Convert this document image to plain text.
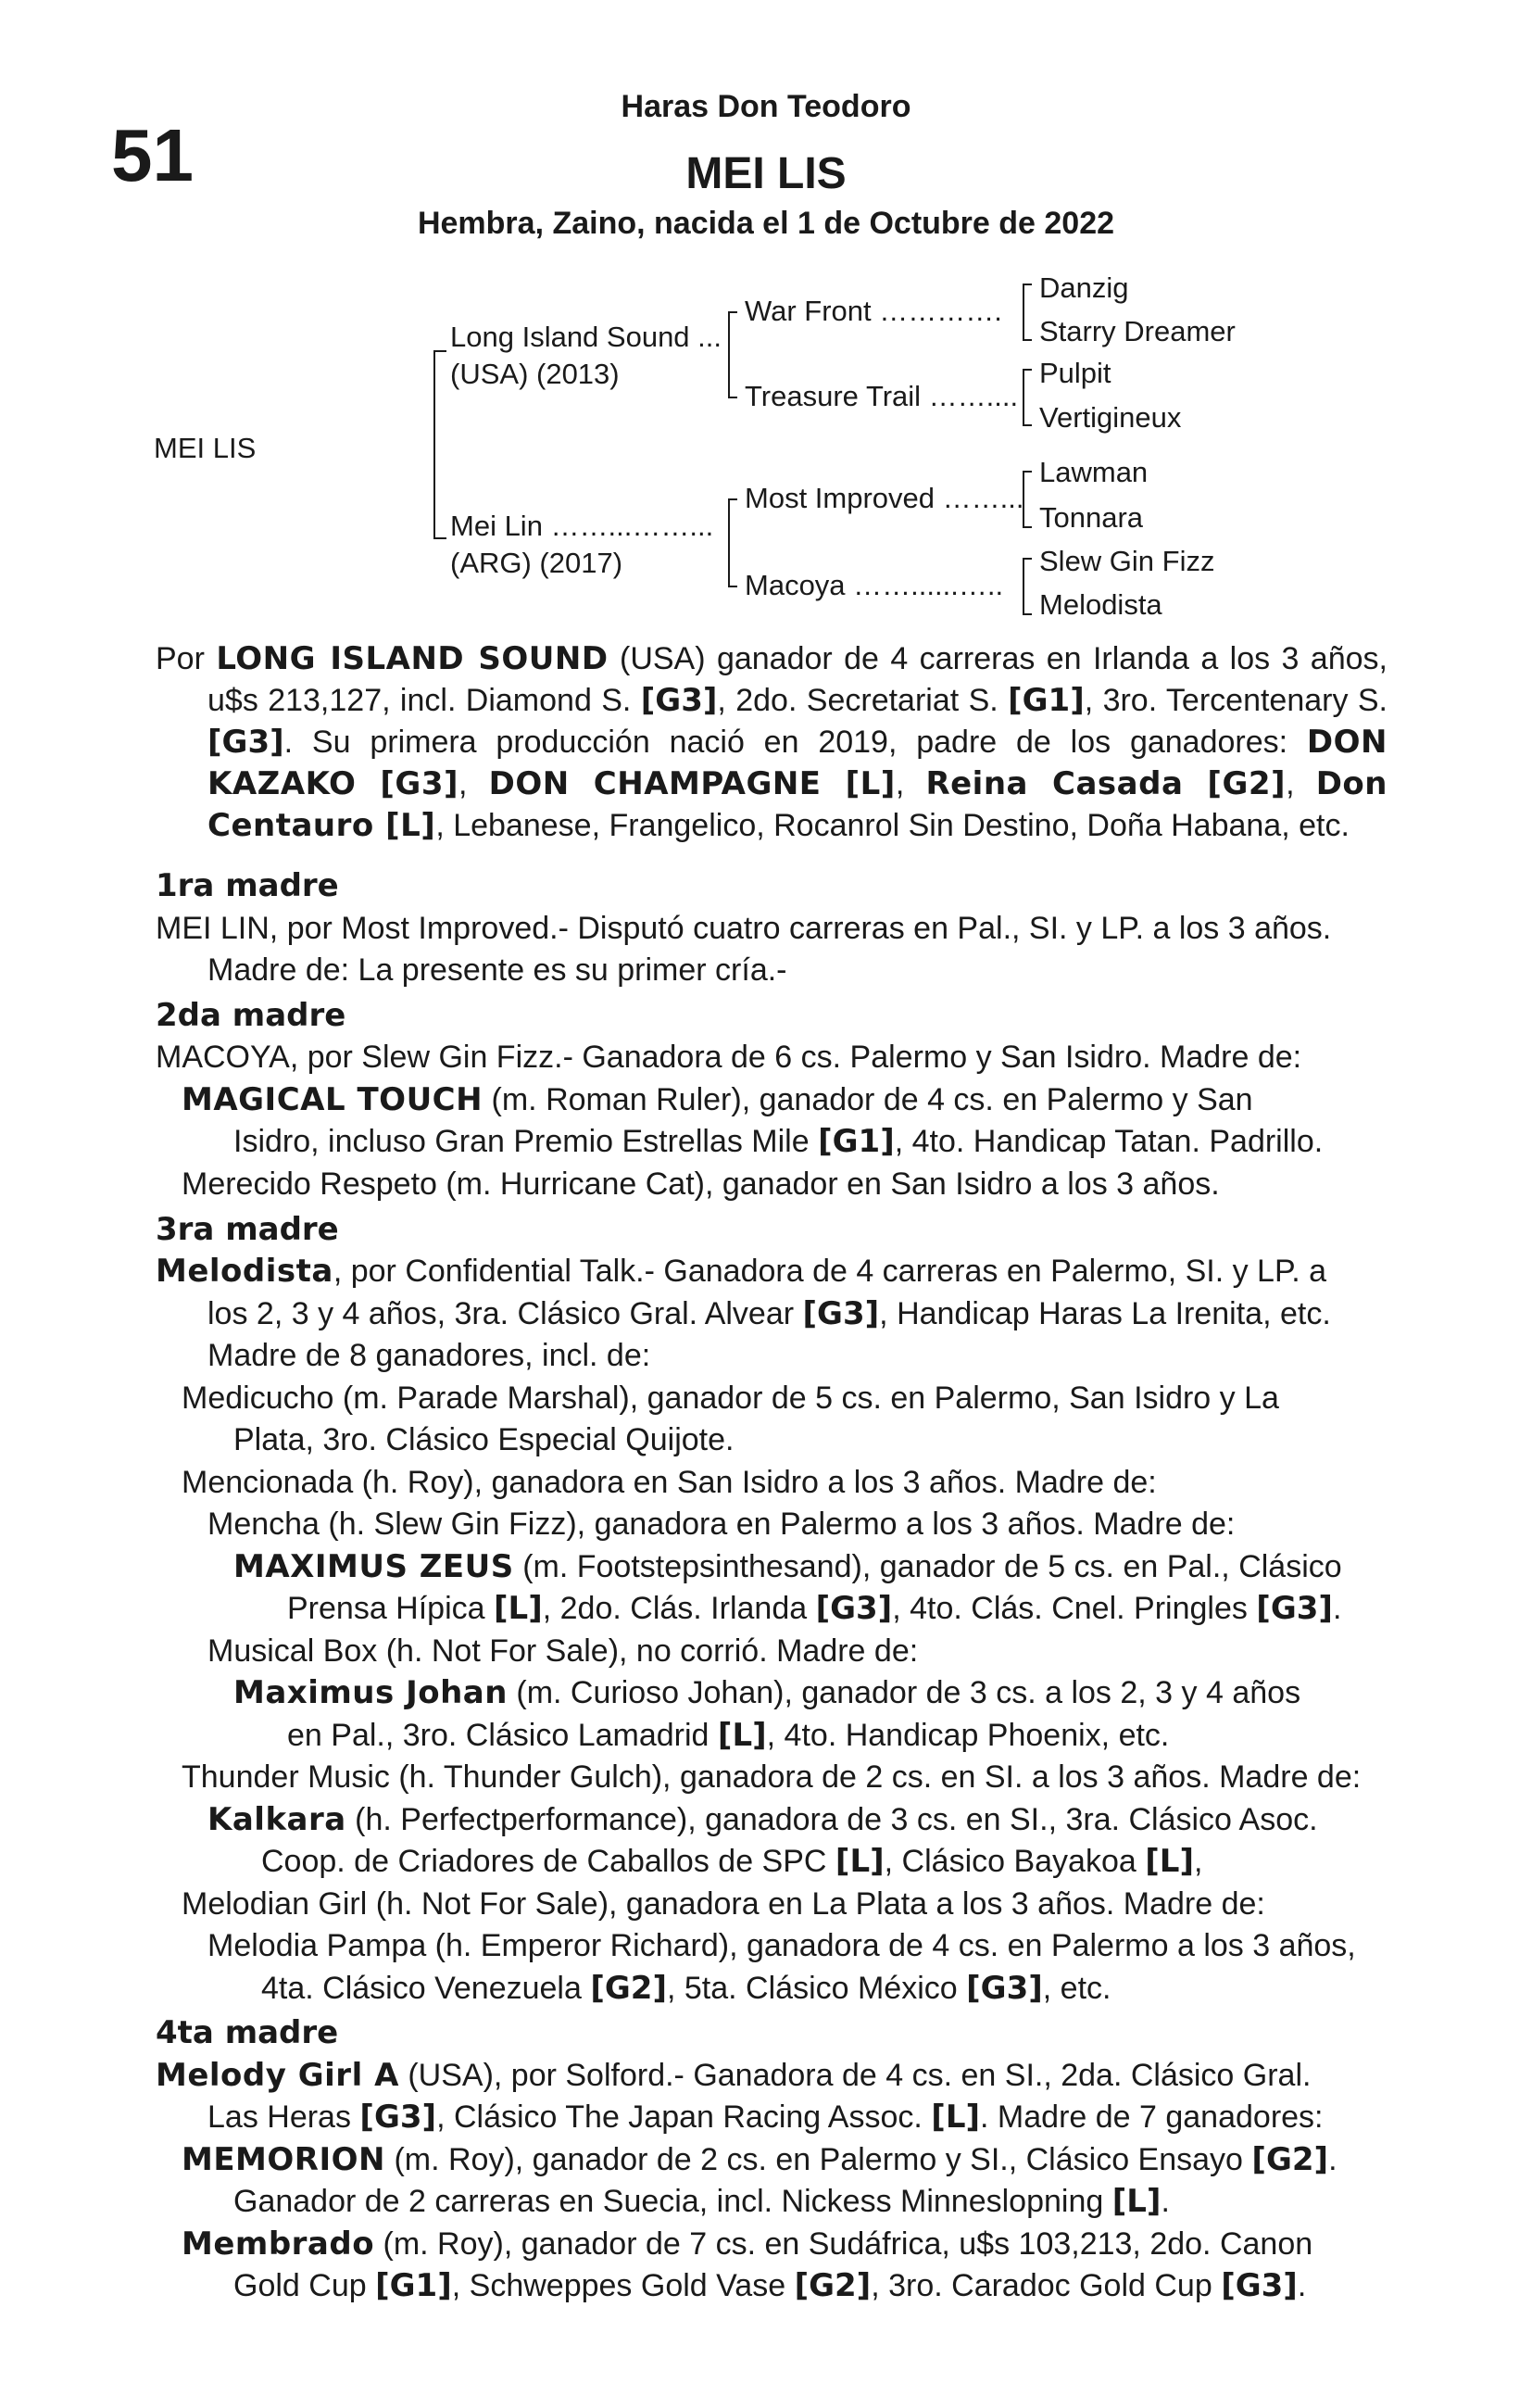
51
Haras Don Teodoro
MEI LIS
Hembra, Zaino, nacida el 1 de Octubre de 2022
MEI LIS
Long Island Sound ...
(USA) (2013)
Mei Lin ……...……...
(ARG) (2017)
War Front ………….
Treasure Trail ……....
Most Improved ……...
Macoya ……......…..
Danzig
Starry Dreamer
Pulpit
Vertigineux
Lawman
Tonnara
Slew Gin Fizz
Melodista
Por LONG ISLAND SOUND (USA) ganador de 4 carreras en Irlanda a los 3 años, u$s 213,127, incl. Diamond S. [G3], 2do. Secretariat S. [G1], 3ro. Tercentenary S. [G3]. Su primera producción nació en 2019, padre de los ganadores: DON KAZAKO [G3], DON CHAMPAGNE [L], Reina Casada [G2], Don Centauro [L], Lebanese, Frangelico, Rocanrol Sin Destino, Doña Habana, etc.
1ra madre
MEI LIN, por Most Improved.- Disputó cuatro carreras en Pal., SI. y LP. a los 3 años.
Madre de: La presente es su primer cría.-
2da madre
MACOYA, por Slew Gin Fizz.- Ganadora de 6 cs. Palermo y San Isidro. Madre de:
MAGICAL TOUCH (m. Roman Ruler), ganador de 4 cs. en Palermo y San
Isidro, incluso Gran Premio Estrellas Mile [G1], 4to. Handicap Tatan. Padrillo.
Merecido Respeto (m. Hurricane Cat), ganador en San Isidro a los 3 años.
3ra madre
Melodista, por Confidential Talk.- Ganadora de 4 carreras en Palermo, SI. y LP. a
los 2, 3 y 4 años, 3ra. Clásico Gral. Alvear [G3], Handicap Haras La Irenita, etc.
Madre de 8 ganadores, incl. de:
Medicucho (m. Parade Marshal), ganador de 5 cs. en Palermo, San Isidro y La
Plata, 3ro. Clásico Especial Quijote.
Mencionada (h. Roy), ganadora en San Isidro a los 3 años. Madre de:
Mencha (h. Slew Gin Fizz), ganadora en Palermo a los 3 años. Madre de:
MAXIMUS ZEUS (m. Footstepsinthesand), ganador de 5 cs. en Pal., Clásico
Prensa Hípica [L], 2do. Clás. Irlanda [G3], 4to. Clás. Cnel. Pringles [G3].
Musical Box (h. Not For Sale), no corrió. Madre de:
Maximus Johan (m. Curioso Johan), ganador de 3 cs. a los 2, 3 y 4 años
en Pal., 3ro. Clásico Lamadrid [L], 4to. Handicap Phoenix, etc.
Thunder Music (h. Thunder Gulch), ganadora de 2 cs. en SI. a los 3 años. Madre de:
Kalkara (h. Perfectperformance), ganadora de 3 cs. en SI., 3ra. Clásico Asoc.
Coop. de Criadores de Caballos de SPC [L], Clásico Bayakoa [L],
Melodian Girl (h. Not For Sale), ganadora en La Plata a los 3 años. Madre de:
Melodia Pampa (h. Emperor Richard), ganadora de 4 cs. en Palermo a los 3 años,
4ta. Clásico Venezuela [G2], 5ta. Clásico México [G3], etc.
4ta madre
Melody Girl A (USA), por Solford.- Ganadora de 4 cs. en SI., 2da. Clásico Gral.
Las Heras [G3], Clásico The Japan Racing Assoc. [L]. Madre de 7 ganadores:
MEMORION (m. Roy), ganador de 2 cs. en Palermo y SI., Clásico Ensayo [G2].
Ganador de 2 carreras en Suecia, incl. Nickess Minneslopning [L].
Membrado (m. Roy), ganador de 7 cs. en Sudáfrica, u$s 103,213, 2do. Canon
Gold Cup [G1], Schweppes Gold Vase [G2], 3ro. Caradoc Gold Cup [G3].
